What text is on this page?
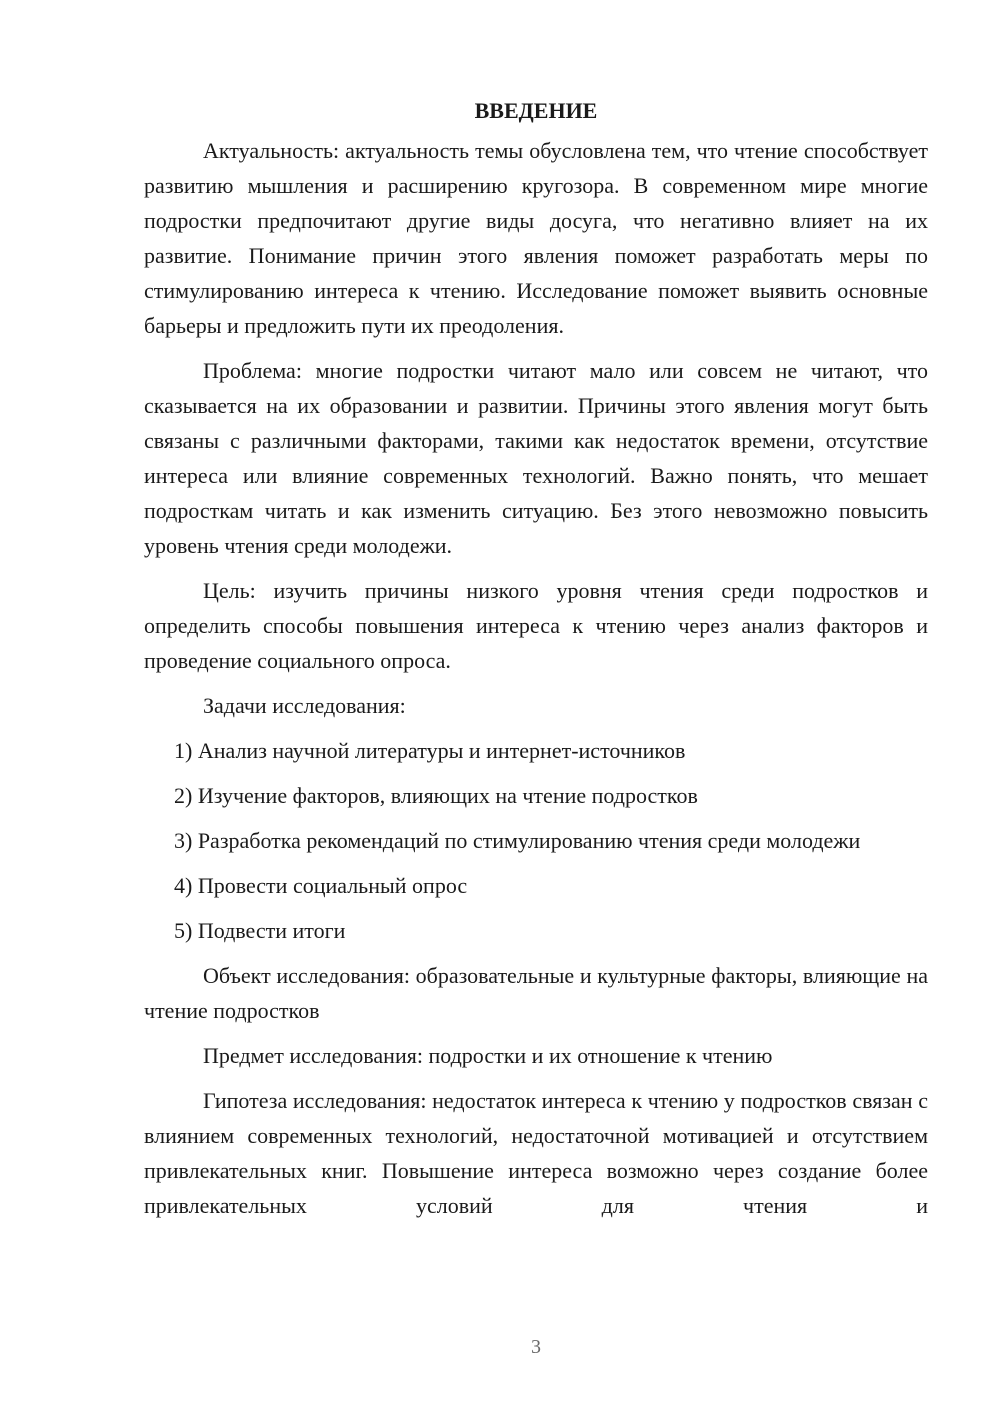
ВВЕДЕНИЕ

Актуальность: актуальность темы обусловлена тем, что чтение способствует развитию мышления и расширению кругозора. В современном мире многие подростки предпочитают другие виды досуга, что негативно влияет на их развитие. Понимание причин этого явления поможет разработать меры по стимулированию интереса к чтению. Исследование поможет выявить основные барьеры и предложить пути их преодоления.

Проблема: многие подростки читают мало или совсем не читают, что сказывается на их образовании и развитии. Причины этого явления могут быть связаны с различными факторами, такими как недостаток времени, отсутствие интереса или влияние современных технологий. Важно понять, что мешает подросткам читать и как изменить ситуацию. Без этого невозможно повысить уровень чтения среди молодежи.

Цель: изучить причины низкого уровня чтения среди подростков и определить способы повышения интереса к чтению через анализ факторов и проведение социального опроса.

Задачи исследования:

1) Анализ научной литературы и интернет-источников

2) Изучение факторов, влияющих на чтение подростков

3) Разработка рекомендаций по стимулированию чтения среди молодежи

4) Провести социальный опрос

5) Подвести итоги

Объект исследования: образовательные и культурные факторы, влияющие на чтение подростков

Предмет исследования: подростки и их отношение к чтению

Гипотеза исследования: недостаток интереса к чтению у подростков связан с влиянием современных технологий, недостаточной мотивацией и отсутствием привлекательных книг. Повышение интереса возможно через создание более привлекательных условий для чтения и

3
